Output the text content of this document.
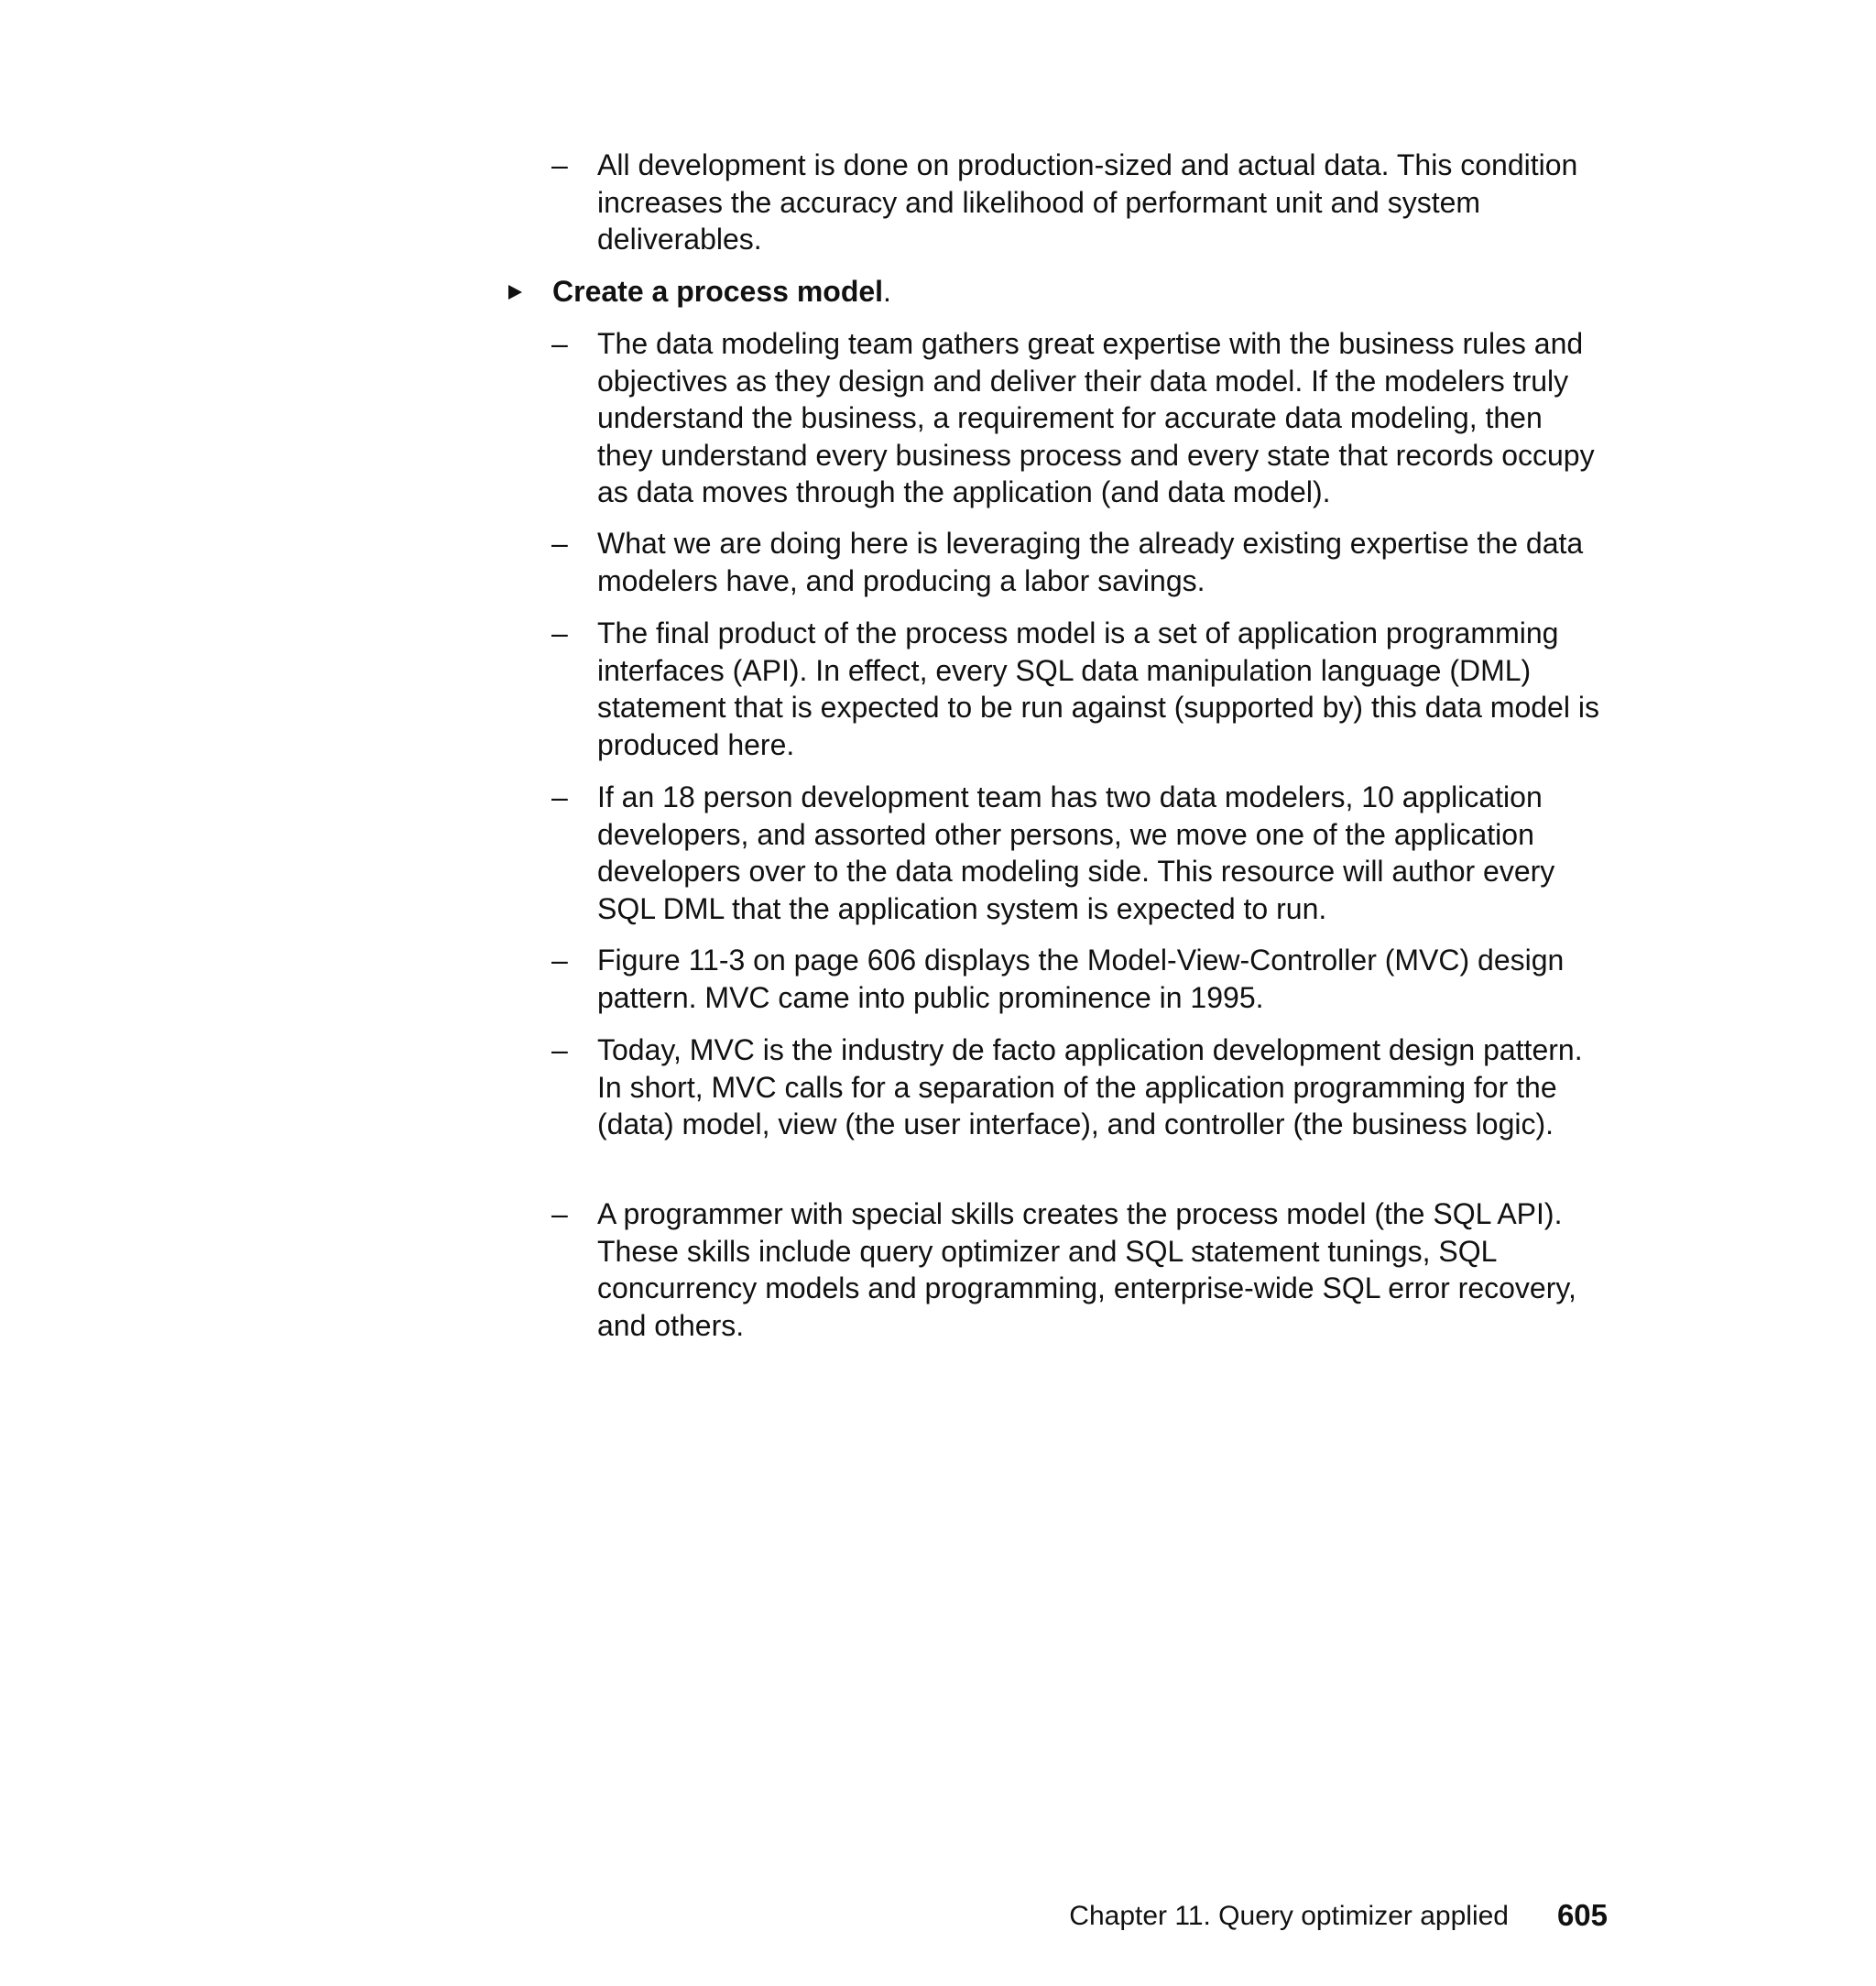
–	All development is done on production-sized and actual data. This condition increases the accuracy and likelihood of performant unit and system deliverables.
Create a process model.
–	The data modeling team gathers great expertise with the business rules and objectives as they design and deliver their data model. If the modelers truly understand the business, a requirement for accurate data modeling, then they understand every business process and every state that records occupy as data moves through the application (and data model).
–	What we are doing here is leveraging the already existing expertise the data modelers have, and producing a labor savings.
–	The final product of the process model is a set of application programming interfaces (API). In effect, every SQL data manipulation language (DML) statement that is expected to be run against (supported by) this data model is produced here.
–	If an 18 person development team has two data modelers, 10 application developers, and assorted other persons, we move one of the application developers over to the data modeling side. This resource will author every SQL DML that the application system is expected to run.
–	Figure 11-3 on page 606 displays the Model-View-Controller (MVC) design pattern. MVC came into public prominence in 1995.
–	Today, MVC is the industry de facto application development design pattern. In short, MVC calls for a separation of the application programming for the (data) model, view (the user interface), and controller (the business logic).
–	A programmer with special skills creates the process model (the SQL API). These skills include query optimizer and SQL statement tunings, SQL concurrency models and programming, enterprise-wide SQL error recovery, and others.
Chapter 11. Query optimizer applied 605
